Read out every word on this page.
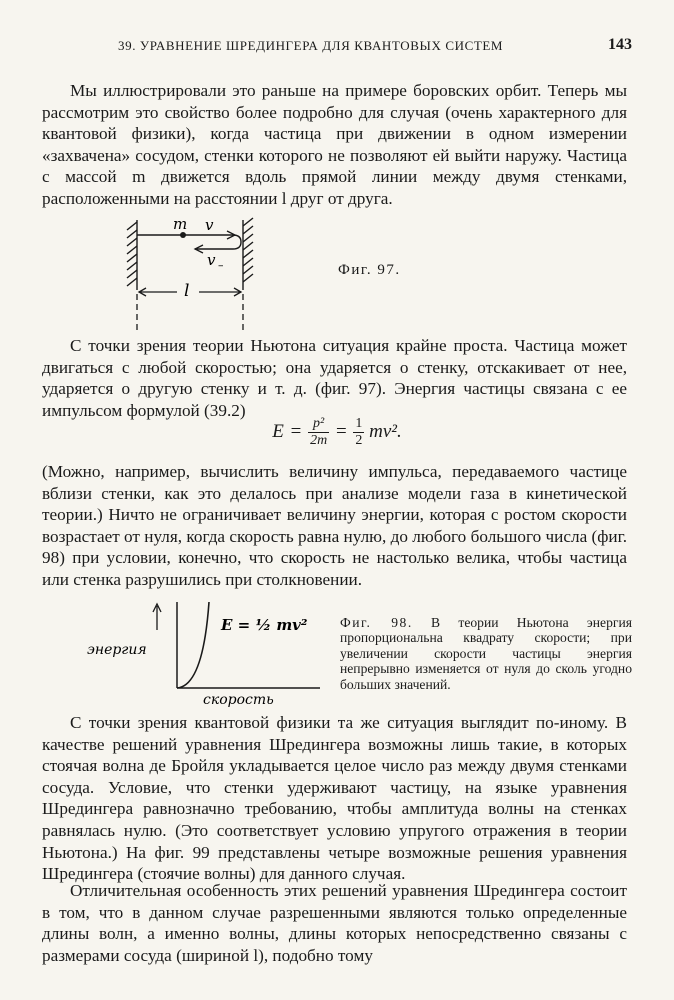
39. УРАВНЕНИЕ ШРЕДИНГЕРА ДЛЯ КВАНТОВЫХ СИСТЕМ	143
Мы иллюстрировали это раньше на примере боровских орбит. Теперь мы рассмотрим это свойство более подробно для случая (очень характерного для квантовой физики), когда частица при движении в одном измерении «захвачена» сосудом, стенки которого не позволяют ей выйти наружу. Частица с массой m движется вдоль прямой линии между двумя стенками, расположенными на расстоянии l друг от друга.
m v
v –
l
Фиг. 97.
С точки зрения теории Ньютона ситуация крайне проста. Частица может двигаться с любой скоростью; она ударяется о стенку, отскакивает от нее, ударяется о другую стенку и т. д. (фиг. 97). Энергия частицы связана с ее импульсом формулой (39.2)
$E = \frac{\text{p²}}{2m} = \frac{1}{2} mv^2$.
(Можно, например, вычислить величину импульса, передаваемого частице вблизи стенки, как это делалось при анализе модели газа в кинетической теории.) Ничто не ограничивает величину энергии, которая с ростом скорости возрастает от нуля, когда скорость равна нулю, до любого большого числа (фиг. 98) при условии, конечно, что скорость не настолько велика, чтобы частица или стенка разрушились при столкновении.
E = ½ mv²
энергия
скорость
Фиг. 98. В теории Ньютона энергия пропорциональна квадрату скорости; при увеличении скорости частицы энергия непрерывно изменяется от нуля до сколь угодно больших значений.
С точки зрения квантовой физики та же ситуация выглядит по-иному. В качестве решений уравнения Шредингера возможны лишь такие, в которых стоячая волна де Бройля укладывается целое число раз между двумя стенками сосуда. Условие, что стенки удерживают частицу, на языке уравнения Шредингера равнозначно требованию, чтобы амплитуда волны на стенках равнялась нулю. (Это соответствует условию упругого отражения в теории Ньютона.) На фиг. 99 представлены четыре возможные решения уравнения Шредингера (стоячие волны) для данного случая.
Отличительная особенность этих решений уравнения Шредингера состоит в том, что в данном случае разрешенными являются только определенные длины волн, а именно волны, длины которых непосредственно связаны с размерами сосуда (шириной l), подобно тому
